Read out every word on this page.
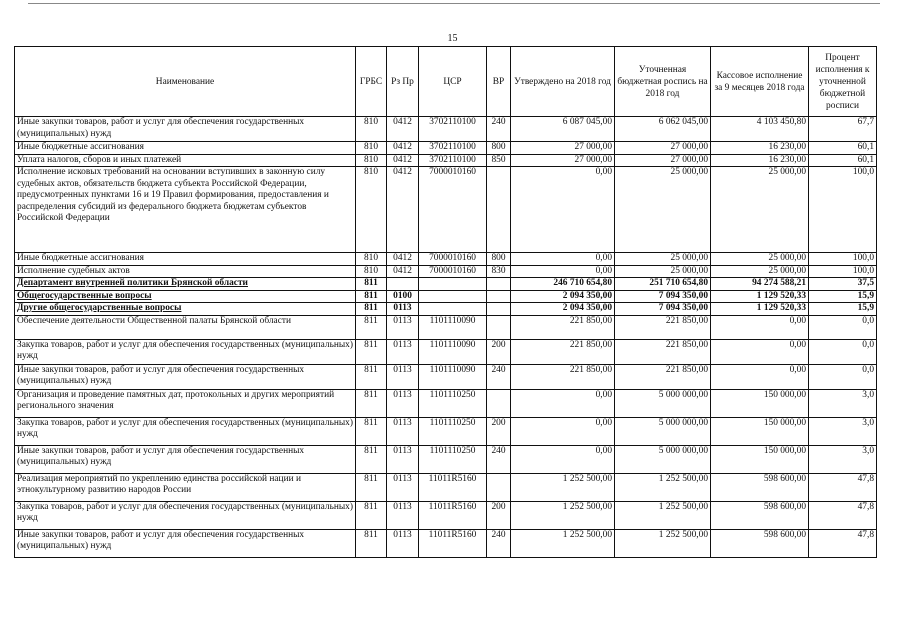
15
Наименование	ГРБС	Рз Пр	ЦСР	ВР	Утверждено на 2018 год	Уточненная бюджетная роспись на 2018 год	Кассовое исполнение за 9 месяцев 2018 года	Процент исполнения к уточненной бюджетной росписи
Иные закупки товаров, работ и услуг для обеспечения государственных (муниципальных) нужд	810	0412	3702110100	240	6 087 045,00	6 062 045,00	4 103 450,80	67,7
Иные бюджетные ассигнования	810	0412	3702110100	800	27 000,00	27 000,00	16 230,00	60,1
Уплата налогов, сборов и иных платежей	810	0412	3702110100	850	27 000,00	27 000,00	16 230,00	60,1
Исполнение исковых требований на основании вступивших в законную силу судебных актов, обязательств бюджета субъекта Российской Федерации, предусмотренных пунктами 16 и 19 Правил формирования, предоставления и распределения субсидий из федерального бюджета бюджетам субъектов Российской Федерации	810	0412	7000010160		0,00	25 000,00	25 000,00	100,0
Иные бюджетные ассигнования	810	0412	7000010160	800	0,00	25 000,00	25 000,00	100,0
Исполнение судебных актов	810	0412	7000010160	830	0,00	25 000,00	25 000,00	100,0
Департамент внутренней политики Брянской области	811				246 710 654,80	251 710 654,80	94 274 588,21	37,5
Общегосударственные вопросы	811	0100			2 094 350,00	7 094 350,00	1 129 520,33	15,9
Другие общегосударственные вопросы	811	0113			2 094 350,00	7 094 350,00	1 129 520,33	15,9
Обеспечение деятельности Общественной палаты Брянской области	811	0113	1101110090		221 850,00	221 850,00	0,00	0,0
Закупка товаров, работ и услуг для обеспечения государственных (муниципальных) нужд	811	0113	1101110090	200	221 850,00	221 850,00	0,00	0,0
Иные закупки товаров, работ и услуг для обеспечения государственных (муниципальных) нужд	811	0113	1101110090	240	221 850,00	221 850,00	0,00	0,0
Организация и проведение памятных дат, протокольных и других мероприятий регионального значения	811	0113	1101110250		0,00	5 000 000,00	150 000,00	3,0
Закупка товаров, работ и услуг для обеспечения государственных (муниципальных) нужд	811	0113	1101110250	200	0,00	5 000 000,00	150 000,00	3,0
Иные закупки товаров, работ и услуг для обеспечения государственных (муниципальных) нужд	811	0113	1101110250	240	0,00	5 000 000,00	150 000,00	3,0
Реализация мероприятий по укреплению единства российской нации и этнокультурному развитию народов России	811	0113	11011R5160		1 252 500,00	1 252 500,00	598 600,00	47,8
Закупка товаров, работ и услуг для обеспечения государственных (муниципальных) нужд	811	0113	11011R5160	200	1 252 500,00	1 252 500,00	598 600,00	47,8
Иные закупки товаров, работ и услуг для обеспечения государственных (муниципальных) нужд	811	0113	11011R5160	240	1 252 500,00	1 252 500,00	598 600,00	47,8
